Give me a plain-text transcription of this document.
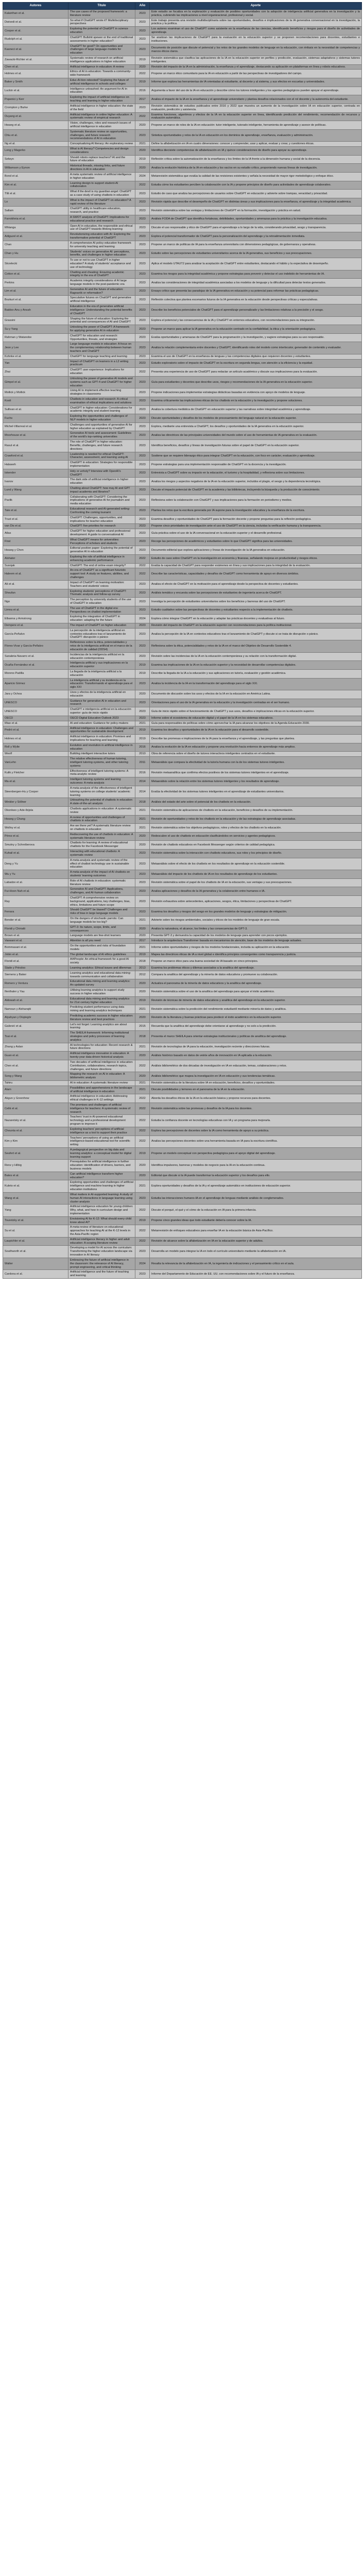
Autores	Título	Año	Aporte
Kalanthan et al.	The use cases of the proposed framework: a literature review	2023	Este estudio se focaliza en la exploración y evaluación de posibles oportunidades con la adopción de inteligencia artificial generativa en la investigación y la práctica, cubriendo las implicaciones a nivel organizacional, profesional y social.
Dwivedi et al.	So what if ChatGPT wrote it? Multidisciplinary perspectives	2023	Este trabajo presenta una revisión multidisciplinaria sobre las oportunidades, desafíos e implicaciones de la IA generativa conversacional en la investigación, la práctica y la política.
Cooper et al.	Exploring the potential of ChatGPT in science education	2023	Los autores examinan el uso de ChatGPT como asistente en la enseñanza de las ciencias, identificando beneficios y riesgos para el diseño de actividades de aprendizaje.
Rudolph et al.	ChatGPT: Bullshit spewer or the end of traditional assessments in higher education?	2023	Se analizan las implicaciones de ChatGPT para la evaluación en la educación superior y se proponen recomendaciones para docentes, estudiantes e instituciones.
Kasneci et al.	ChatGPT for good? On opportunities and challenges of large language models for education	2023	Documento de posición que discute el potencial y los retos de los grandes modelos de lenguaje en la educación, con énfasis en la necesidad de competencias y marcos éticos claros.
Zawacki-Richter et al.	Systematic review of research on artificial intelligence applications in higher education	2019	Revisión sistemática que clasifica las aplicaciones de la IA en la educación superior en perfiles y predicción, evaluación, sistemas adaptativos y sistemas tutores inteligentes.
Chen et al.	Artificial intelligence in education: A review	2020	Revisión del impacto de la IA en la administración, la enseñanza y el aprendizaje, destacando su aplicación en plataformas en línea y robots educativos.
Holmes et al.	Ethics of AI in education: Towards a community-wide framework	2022	Propone un marco ético comunitario para la IA en educación a partir de las perspectivas de investigadores del campo.
Baker y Smith	Educ-AI-tion rebooted? Exploring the future of artificial intelligence in schools and colleges	2019	Informe que explora las herramientas de IA orientadas al estudiante, al docente y al sistema, y sus efectos en escuelas y universidades.
Luckin et al.	Intelligence unleashed: An argument for AI in education	2016	Argumenta a favor del uso de la IA en educación y describe cómo los tutores inteligentes y los agentes pedagógicos pueden apoyar el aprendizaje.
Popenici y Kerr	Exploring the impact of artificial intelligence on teaching and learning in higher education	2017	Analiza el impacto de la IA en la enseñanza y el aprendizaje universitario y plantea desafíos relacionados con el rol docente y la autonomía del estudiante.
Crompton y Burke	Artificial intelligence in higher education: the state of the field	2023	Revisión sistemática de estudios publicados entre 2016 y 2022 que muestra un aumento de la investigación sobre IA en educación superior, centrada en evaluación, predicción y asistencia.
Ouyang et al.	Artificial intelligence in online higher education: A systematic review of empirical research	2022	Examina funciones, algoritmos y efectos de la IA en la educación superior en línea, identificando predicción del rendimiento, recomendación de recursos y evaluación automática.
Hwang et al.	Vision, challenges, roles and research issues of artificial intelligence in education	2020	Propone un marco de roles de la IA en educación: tutor inteligente, tutorado inteligente, herramienta de aprendizaje y asesor de políticas.
Chiu et al.	Systematic literature review on opportunities, challenges, and future research recommendations of AI in education	2023	Sintetiza oportunidades y retos de la IA en educación en los dominios de aprendizaje, enseñanza, evaluación y administración.
Ng et al.	Conceptualizing AI literacy: An exploratory review	2021	Define la alfabetización en IA en cuatro dimensiones: conocer y comprender, usar y aplicar, evaluar y crear, y cuestiones éticas.
Long y Magerko	What is AI literacy? Competencies and design considerations	2020	Identifica diecisiete competencias de alfabetización en IA y quince consideraciones de diseño para apoyar su aprendizaje.
Selwyn	Should robots replace teachers? AI and the future of education	2019	Reflexión crítica sobre la automatización de la enseñanza y los límites de la IA frente a la dimensión humana y social de la docencia.
Williamson y Eynon	Historical threads, missing links, and future directions in AI in education	2020	Analiza la evolución histórica de la IA en educación y los vacíos en su estudio crítico, proponiendo nuevas líneas de investigación.
Bond et al.	A meta systematic review of artificial intelligence in higher education	2024	Metarevisión sistemática que evalúa la calidad de las revisiones existentes y señala la necesidad de mayor rigor metodológico y enfoque ético.
Kim et al.	Learning design to support student-AI collaboration	2022	Estudia cómo los estudiantes perciben la colaboración con la IA y propone principios de diseño para actividades de aprendizaje colaborativo.
Tlili et al.	What if the devil is my guardian angel: ChatGPT as a case study of using chatbots in education	2023	Estudio de caso que analiza las percepciones de usuarios sobre ChatGPT en educación y advierte sobre trampas, veracidad y privacidad.
Lo	What is the impact of ChatGPT on education? A rapid review of the literature	2023	Revisión rápida que describe el desempeño de ChatGPT en distintas áreas y sus implicaciones para la enseñanza, el aprendizaje y la integridad académica.
Sallam	ChatGPT utility in healthcare education, research, and practice	2023	Revisión sistemática sobre las ventajas y limitaciones de ChatGPT en la formación, investigación y práctica en salud.
Farrokhnia et al.	A SWOT analysis of ChatGPT: Implications for educational practice and research	2023	Análisis FODA de ChatGPT que identifica fortalezas, debilidades, oportunidades y amenazas para la práctica y la investigación educativa.
Mhlanga	Open AI in education, the responsible and ethical use of ChatGPT towards lifelong learning	2023	Discute el uso responsable y ético de ChatGPT para el aprendizaje a lo largo de la vida, considerando privacidad, sesgo y transparencia.
Adiguzel et al.	Revolutionizing education with AI: Exploring the transformative potential of ChatGPT	2023	Explora el potencial transformador de ChatGPT para la personalización del aprendizaje y la retroalimentación inmediata.
Chan	A comprehensive AI policy education framework for university teaching and learning	2023	Propone un marco de políticas de IA para la enseñanza universitaria con dimensiones pedagógicas, de gobernanza y operativas.
Chan y Hu	Students' voices on generative AI: perceptions, benefits, and challenges in higher education	2023	Estudio sobre las percepciones de estudiantes universitarios acerca de la IA generativa, sus beneficios y sus preocupaciones.
Strzelecki	To use or not to use ChatGPT in higher education? A study of students' acceptance and use of technology	2023	Aplica el modelo UTAUT2 para analizar la aceptación de ChatGPT entre estudiantes, destacando el hábito y la expectativa de desempeño.
Cotton et al.	Chatting and cheating: Ensuring academic integrity in the era of ChatGPT	2023	Examina los riesgos para la integridad académica y propone estrategias para prevenir y detectar el uso indebido de herramientas de IA.
Perkins	Academic integrity considerations of AI large language models in the post-pandemic era	2023	Analiza las consideraciones de integridad académica asociadas a los modelos de lenguaje y la dificultad para detectar textos generados.
Lim et al.	Generative AI and the future of education: Ragnarök or reformation?	2023	Ensayo crítico que presenta las paradojas de la IA generativa en educación y su potencial para reformar las prácticas pedagógicas.
Bozkurt et al.	Speculative futures on ChatGPT and generative artificial intelligence	2023	Reflexión colectiva que plantea escenarios futuros de la IA generativa en la educación desde perspectivas críticas y especulativas.
Baidoo-Anu y Ansah	Education in the era of generative artificial intelligence: Understanding the potential benefits of ChatGPT	2023	Describe los beneficios potenciales de ChatGPT para el aprendizaje personalizado y las limitaciones relativas a la precisión y el sesgo.
Grassini	Shaping the future of education: Exploring the potential and consequences of AI and ChatGPT	2023	Explora el potencial y las consecuencias de la IA y ChatGPT en entornos educativos, con recomendaciones para su integración.
Su y Yang	Unlocking the power of ChatGPT: A framework for applying generative AI in education	2023	Propone un marco para aplicar la IA generativa en la educación centrado en la confiabilidad, la ética y la orientación pedagógica.
Rahman y Watanobe	ChatGPT for education and research: Opportunities, threats, and strategies	2023	Evalúa oportunidades y amenazas de ChatGPT para la programación y la investigación, y sugiere estrategias para su uso responsable.
Jeon y Lee	Large language models in education: A focus on the complementary relationship between human teachers and ChatGPT	2023	Analiza la relación complementaria entre docentes y ChatGPT, identificando roles del modelo como interlocutor, generador de contenido y evaluador.
Kohnke et al.	ChatGPT for language teaching and learning	2023	Examina el uso de ChatGPT en la enseñanza de lenguas y las competencias digitales que requieren docentes y estudiantes.
Yan	Impact of ChatGPT on learners in a L2 writing practicum	2023	Estudio exploratorio sobre el impacto de ChatGPT en la escritura en segunda lengua, con atención a la eficiencia y la equidad.
Zhai	ChatGPT user experience: Implications for education	2022	Presenta una experiencia de uso de ChatGPT para redactar un artículo académico y discute sus implicaciones para la evaluación.
Gimpel et al.	Unlocking the power of generative AI models and systems such as GPT-4 and ChatGPT for higher education	2023	Guía para estudiantes y docentes que describe usos, riesgos y recomendaciones de la IA generativa en la educación superior.
Mollick y Mollick	Using AI to implement effective teaching strategies in classrooms	2023	Propone indicaciones para implementar estrategias didácticas basadas en evidencia con apoyo de modelos de lenguaje.
Kooli	Chatbots in education and research: A critical examination of ethical implications and solutions	2023	Examina críticamente las implicaciones éticas de los chatbots en la educación y la investigación y propone soluciones.
Sullivan et al.	ChatGPT in higher education: Considerations for academic integrity and student learning	2023	Analiza la cobertura mediática de ChatGPT en educación superior y las narrativas sobre integridad académica y aprendizaje.
Fuchs	Exploring the opportunities and challenges of NLP models in higher education	2023	Discute oportunidades y desafíos de los modelos de procesamiento del lenguaje natural en la educación superior.
Michel-Villarreal et al.	Challenges and opportunities of generative AI for higher education as explained by ChatGPT	2023	Explora, mediante una entrevista a ChatGPT, los desafíos y oportunidades de la IA generativa en la educación superior.
Moorhouse et al.	Generative AI tools and assessment: Guidelines of the world's top-ranking universities	2023	Analiza las directrices de las principales universidades del mundo sobre el uso de herramientas de IA generativa en la evaluación.
Rasul et al.	The role of ChatGPT in higher education: Benefits, challenges, and future research directions	2023	Identifica beneficios, desafíos y líneas de investigación futuras sobre el papel de ChatGPT en la educación superior.
Crawford et al.	Leadership is needed for ethical ChatGPT: Character, assessment, and learning using AI	2023	Sostiene que se requiere liderazgo ético para integrar ChatGPT en la educación, con foco en carácter, evaluación y aprendizaje.
Halaweh	ChatGPT in education: Strategies for responsible implementation	2023	Propone estrategias para una implementación responsable de ChatGPT en la docencia y la investigación.
Iskender	Holy or unholy? Interview with OpenAI's ChatGPT	2023	Entrevista a ChatGPT sobre su impacto en la educación, el turismo y la hospitalidad, y reflexiona sobre sus limitaciones.
Ivanov	The dark side of artificial intelligence in higher education	2023	Analiza los riesgos y aspectos negativos de la IA en la educación superior, incluidos el plagio, el sesgo y la dependencia tecnológica.
Lund y Wang	Chatting about ChatGPT: how may AI and GPT impact academia and libraries?	2023	Discute el impacto potencial de ChatGPT en la academia y las bibliotecas, incluyendo la búsqueda y la producción de conocimiento.
Pavlik	Collaborating with ChatGPT: Considering the implications of generative AI for journalism and media education	2023	Reflexiona sobre la colaboración con ChatGPT y sus implicaciones para la formación en periodismo y medios.
Tate et al.	Educational research and AI-generated writing: Confronting the coming tsunami	2023	Plantea los retos que la escritura generada por IA supone para la investigación educativa y la enseñanza de la escritura.
Trust et al.	ChatGPT: Challenges, opportunities, and implications for teacher education	2023	Examina desafíos y oportunidades de ChatGPT para la formación docente y propone preguntas para la reflexión pedagógica.
van Dis et al.	ChatGPT: five priorities for research	2023	Propone cinco prioridades de investigación ante el uso de ChatGPT en la ciencia, incluidas la verificación humana y la transparencia.
Atlas	ChatGPT for higher education and professional development: A guide to conversational AI	2023	Guía práctica sobre el uso de la IA conversacional en la educación superior y el desarrollo profesional.
Firat	What ChatGPT means for universities: Perceptions of scholars and students	2023	Recoge las percepciones de académicos y estudiantes sobre lo que ChatGPT significa para las universidades.
Hwang y Chen	Editorial position paper: Exploring the potential of generative AI in education	2023	Documento editorial que explora aplicaciones y líneas de investigación de la IA generativa en educación.
Alshater	Exploring the role of artificial intelligence in enhancing academic performance	2022	Estudio de caso sobre ChatGPT en la investigación en economía y finanzas, señalando mejoras en productividad y riesgos éticos.
Susnjak	ChatGPT: The end of online exam integrity?	2022	Evalúa la capacidad de ChatGPT para responder exámenes en línea y sus implicaciones para la integridad de la evaluación.
Haleem et al.	An era of ChatGPT as a significant futuristic support tool: A study on features, abilities, and challenges	2022	Describe las características, capacidades y desafíos de ChatGPT como herramienta de apoyo en diversos ámbitos.
Ali et al.	Impact of ChatGPT on learning motivation: Teachers and students' voices	2023	Analiza el efecto de ChatGPT en la motivación para el aprendizaje desde la perspectiva de docentes y estudiantes.
Shoufan	Exploring students' perceptions of ChatGPT: Thematic analysis and follow-up survey	2023	Análisis temático y encuesta sobre las percepciones de estudiantes de ingeniería acerca de ChatGPT.
Ngo	The perception by university students of the use of ChatGPT in education	2023	Investiga la percepción de estudiantes universitarios sobre los beneficios y barreras del uso de ChatGPT.
Limna et al.	The use of ChatGPT in the digital era: Perspectives on chatbot implementation	2023	Estudio cualitativo sobre las perspectivas de docentes y estudiantes respecto a la implementación de chatbots.
Elbanna y Armstrong	Exploring the integration of ChatGPT in education: adapting for the future	2024	Explora cómo integrar ChatGPT en la educación y adaptar las prácticas docentes y evaluativas al futuro.
Dempere et al.	The impact of ChatGPT on higher education	2023	Revisión del impacto de ChatGPT en la educación superior con recomendaciones para la política institucional.
García-Peñalvo	La percepción de la inteligencia artificial en contextos educativos tras el lanzamiento de ChatGPT: disrupción o pánico	2023	Analiza la percepción de la IA en contextos educativos tras el lanzamiento de ChatGPT y discute si se trata de disrupción o pánico.
Flores-Vivar y García-Peñalvo	Reflexiones sobre la ética, potencialidades y retos de la inteligencia artificial en el marco de la educación de calidad (ODS4)	2023	Reflexiona sobre la ética, potencialidades y retos de la IA en el marco del Objetivo de Desarrollo Sostenible 4.
Sanabria-Navarro et al.	Incidencias de la inteligencia artificial en la educación contemporánea	2023	Revisión sobre las incidencias de la IA en la educación contemporánea y su relación con la transformación digital.
Ocaña-Fernández et al.	Inteligencia artificial y sus implicaciones en la educación superior	2019	Examina las implicaciones de la IA en la educación superior y la necesidad de desarrollar competencias digitales.
Moreno Padilla	La llegada de la inteligencia artificial a la educación	2019	Describe la llegada de la IA a la educación y sus aplicaciones en tutoría, evaluación y gestión académica.
Aparicio Gómez	La inteligencia artificial y su incidencia en la educación: Transformando el aprendizaje para el siglo XXI	2023	Analiza la incidencia de la IA en la transformación del aprendizaje para el siglo XXI.
Jara y Ochoa	Usos y efectos de la inteligencia artificial en educación	2020	Documento de discusión sobre los usos y efectos de la IA en la educación en América Latina.
UNESCO	Guidance for generative AI in education and research	2023	Orientaciones para el uso de la IA generativa en la educación y la investigación centradas en el ser humano.
UNESCO	ChatGPT e inteligencia artificial en la educación superior: guía de inicio rápido	2023	Guía de inicio rápido sobre el funcionamiento de ChatGPT y sus usos, desafíos e implicaciones éticas en la educación superior.
OECD	OECD Digital Education Outlook 2023	2023	Informe sobre el ecosistema de educación digital y el papel de la IA en los sistemas educativos.
Miao et al.	AI and education: Guidance for policy-makers	2021	Guía para responsables de políticas sobre cómo aprovechar la IA para alcanzar los objetivos de la Agenda Educación 2030.
Pedró et al.	Artificial intelligence in education: Challenges and opportunities for sustainable development	2019	Examina los desafíos y oportunidades de la IA en la educación para el desarrollo sostenible.
Holmes et al.	Artificial intelligence in education: Promises and implications for teaching and learning	2019	Describe las promesas e implicaciones de la IA para la enseñanza y el aprendizaje, y las preguntas que plantea.
Roll y Wylie	Evolution and revolution in artificial intelligence in education	2016	Analiza la evolución de la IA en educación y propone una revolución hacia entornos de aprendizaje más amplios.
Woolf	Building intelligent interactive tutors	2010	Obra de referencia sobre el diseño de tutores interactivos inteligentes centrados en el estudiante.
VanLehn	The relative effectiveness of human tutoring, intelligent tutoring systems, and other tutoring systems	2011	Metaanálisis que compara la efectividad de la tutoría humana con la de los sistemas tutores inteligentes.
Kulik y Fletcher	Effectiveness of intelligent tutoring systems: A meta-analytic review	2016	Revisión metaanalítica que confirma efectos positivos de los sistemas tutores inteligentes en el aprendizaje.
Ma et al.	Intelligent tutoring systems and learning outcomes: A meta-analysis	2014	Metaanálisis sobre la relación entre los sistemas tutores inteligentes y los resultados de aprendizaje.
Steenbergen-Hu y Cooper	A meta-analysis of the effectiveness of intelligent tutoring systems on college students' academic learning	2014	Evalúa la efectividad de los sistemas tutores inteligentes en el aprendizaje de estudiantes universitarios.
Winkler y Söllner	Unleashing the potential of chatbots in education: A state-of-the-art analysis	2018	Análisis del estado del arte sobre el potencial de los chatbots en la educación.
Okonkwo y Ade-Ibijola	Chatbots applications in education: A systematic review	2021	Revisión sistemática de aplicaciones de chatbots en la educación, beneficios y desafíos de su implementación.
Hwang y Chang	A review of opportunities and challenges of chatbots in education	2021	Revisión de oportunidades y retos de los chatbots en la educación y de las estrategias de aprendizaje asociadas.
Wollny et al.	Are we there yet? A systematic literature review on chatbots in education	2021	Revisión sistemática sobre los objetivos pedagógicos, roles y efectos de los chatbots en la educación.
Pérez et al.	Rediscovering the use of chatbots in education: A systematic literature review	2020	Redescubre el uso de chatbots en educación clasificándolos en servicios y agentes pedagógicos.
Smutny y Schreiberova	Chatbots for learning: A review of educational chatbots for the Facebook Messenger	2020	Revisión de chatbots educativos en Facebook Messenger según criterios de calidad pedagógica.
Kuhail et al.	Interacting with educational chatbots: A systematic review	2023	Revisión sistemática sobre la interacción con chatbots educativos, sus roles y los principios de diseño.
Deng y Yu	A meta-analysis and systematic review of the effect of chatbot technology use in sustainable education	2023	Metaanálisis sobre el efecto de los chatbots en los resultados de aprendizaje en la educación sostenible.
Wu y Yu	A meta-analysis of the impact of AI chatbots on students' learning outcomes	2023	Metaanálisis del impacto de los chatbots de IA en los resultados de aprendizaje de los estudiantes.
Labadze et al.	Role of AI chatbots in education: systematic literature review	2023	Revisión sistemática sobre el papel de los chatbots de IA en la educación, sus ventajas y sus preocupaciones.
Fui-Hoon Nah et al.	Generative AI and ChatGPT: Applications, challenges, and AI-human collaboration	2023	Analiza aplicaciones y desafíos de la IA generativa y la colaboración entre humanos e IA.
Ray	ChatGPT: A comprehensive review on background, applications, key challenges, bias, ethics, limitations and future scope	2023	Revisión exhaustiva sobre antecedentes, aplicaciones, sesgos, ética, limitaciones y perspectivas de ChatGPT.
Ferrara	Should ChatGPT be biased? Challenges and risks of bias in large language models	2023	Examina los desafíos y riesgos del sesgo en los grandes modelos de lenguaje y estrategias de mitigación.
Bender et al.	On the dangers of stochastic parrots: Can language models be too big?	2021	Advierte sobre los riesgos ambientales, sociales y éticos de los modelos de lenguaje de gran escala.
Floridi y Chiriatti	GPT-3: Its nature, scope, limits, and consequences	2020	Analiza la naturaleza, el alcance, los límites y las consecuencias de GPT-3.
Brown et al.	Language models are few-shot learners	2020	Presenta GPT-3 y demuestra la capacidad de los modelos de lenguaje para aprender con pocos ejemplos.
Vaswani et al.	Attention is all you need	2017	Introduce la arquitectura Transformer basada en mecanismos de atención, base de los modelos de lenguaje actuales.
Bommasani et al.	On the opportunities and risks of foundation models	2021	Informe sobre oportunidades y riesgos de los modelos fundacionales, incluida su aplicación en la educación.
Jobin et al.	The global landscape of AI ethics guidelines	2019	Mapea las directrices éticas de IA a nivel global e identifica principios convergentes como transparencia y justicia.
Floridi et al.	AI4People: An ethical framework for a good AI society	2018	Propone un marco ético para una buena sociedad de IA basado en cinco principios.
Slade y Prinsloo	Learning analytics: Ethical issues and dilemmas	2013	Examina los problemas éticos y dilemas asociados a la analítica del aprendizaje.
Siemens y Baker	Learning analytics and educational data mining: towards communication and collaboration	2012	Compara la analítica del aprendizaje y la minería de datos educativos y promueve su colaboración.
Romero y Ventura	Educational data mining and learning analytics: An updated survey	2020	Actualiza el panorama de la minería de datos educativos y la analítica del aprendizaje.
Ifenthaler y Yau	Utilising learning analytics to support study success in higher education	2020	Revisión sistemática sobre el uso de la analítica del aprendizaje para apoyar el éxito académico.
Aldowah et al.	Educational data mining and learning analytics for 21st century higher education	2019	Revisión de técnicas de minería de datos educativos y analítica del aprendizaje en la educación superior.
Namoun y Alshanqiti	Predicting student performance using data mining and learning analytics techniques	2021	Revisión sistemática sobre la predicción del rendimiento estudiantil mediante minería de datos y analítica.
Alyahyan y Düştegör	Predicting academic success in higher education: literature review and best practices	2020	Revisión de la literatura y buenas prácticas para predecir el éxito académico en la educación superior.
Gašević et al.	Let's not forget: Learning analytics are about learning	2015	Recuerda que la analítica del aprendizaje debe orientarse al aprendizaje y no solo a la predicción.
Tsai et al.	The SHEILA framework: Informing institutional strategies and policy processes of learning analytics	2018	Presenta el marco SHEILA para orientar estrategias institucionales y políticas de analítica del aprendizaje.
Zhang y Aslan	AI technologies for education: Recent research & future directions	2021	Revisión de tecnologías de IA para la educación, investigación reciente y direcciones futuras.
Guan et al.	Artificial intelligence innovation in education: A twenty-year data-driven historical analysis	2020	Análisis histórico basado en datos de veinte años de innovación en IA aplicada a la educación.
Chen et al.	Two decades of artificial intelligence in education: Contributors, collaborations, research topics, challenges, and future directions	2022	Análisis bibliométrico de dos décadas de investigación en IA en educación, temas, colaboraciones y retos.
Song y Wang	Mapping the research on AI in education: A bibliometric analysis	2020	Análisis bibliométrico que mapea la investigación en IA en educación y sus tendencias temáticas.
Tahiru	AI in education: A systematic literature review	2021	Revisión sistemática de la literatura sobre IA en educación, beneficios, desafíos y oportunidades.
Alam	Possibilities and apprehensions in the landscape of artificial intelligence in education	2021	Discute posibilidades y temores en el panorama de la IA en la educación.
Akgun y Greenhow	Artificial intelligence in education: Addressing ethical challenges in K-12 settings	2022	Aborda los desafíos éticos de la IA en la educación básica y propone recursos para docentes.
Celik et al.	The promises and challenges of artificial intelligence for teachers: A systematic review of research	2022	Revisión sistemática sobre las promesas y desafíos de la IA para los docentes.
Nazaretsky et al.	Teachers' trust in AI-powered educational technology and a professional development program to improve it	2022	Estudia la confianza docente en tecnologías educativas con IA y un programa para mejorarla.
Chounta et al.	Exploring teachers' perceptions of artificial intelligence as a tool to support their practice	2022	Explora las percepciones de docentes sobre la IA como herramienta de apoyo a su práctica.
Kim y Kim	Teachers' perceptions of using an artificial intelligence-based educational tool for scientific writing	2022	Analiza las percepciones docentes sobre una herramienta basada en IA para la escritura científica.
Seufert et al.	A pedagogical perspective on big data and learning analytics: a conceptual model for digital learning support	2019	Propone un modelo conceptual con perspectiva pedagógica para el apoyo digital del aprendizaje.
Renz y Hilbig	Prerequisites for artificial intelligence in further education: identification of drivers, barriers, and business models	2020	Identifica impulsores, barreras y modelos de negocio para la IA en la educación continua.
Bates et al.	Can artificial intelligence transform higher education?	2020	Editorial que discute si la IA puede transformar la educación superior y los desafíos para ello.
Kuleto et al.	Exploring opportunities and challenges of artificial intelligence and machine learning in higher education institutions	2021	Explora oportunidades y desafíos de la IA y el aprendizaje automático en instituciones de educación superior.
Wang et al.	What matters in AI-supported learning: A study of human-AI interactions in language learning using cluster analysis	2023	Estudia las interacciones humano-IA en el aprendizaje de lenguas mediante análisis de conglomerados.
Yang	Artificial intelligence education for young children: Why, what, and how in curriculum design and implementation	2022	Discute el porqué, el qué y el cómo de la educación en IA para la primera infancia.
Touretzky et al.	Envisioning AI for K-12: What should every child know about AI?	2019	Propone cinco grandes ideas que todo estudiante debería conocer sobre la IA.
Su et al.	A meta-review of literature on educational approaches for teaching AI at the K-12 levels in the Asia-Pacific region	2022	Metarrevisión de enfoques educativos para enseñar IA en la educación básica de Asia-Pacífico.
Laupichler et al.	Artificial intelligence literacy in higher and adult education: A scoping literature review	2022	Revisión de alcance sobre la alfabetización en IA en la educación superior y de adultos.
Southworth et al.	Developing a model for AI across the curriculum: Transforming the higher education landscape via innovation in AI literacy	2023	Desarrolla un modelo para integrar la IA en todo el currículo universitario mediante la alfabetización en IA.
Walter	Embracing the future of artificial intelligence in the classroom: the relevance of AI literacy, prompt engineering, and critical thinking	2024	Resalta la relevancia de la alfabetización en IA, la ingeniería de indicaciones y el pensamiento crítico en el aula.
Cardona et al.	Artificial intelligence and the future of teaching and learning	2023	Informe del Departamento de Educación de EE. UU. con recomendaciones sobre IA y el futuro de la enseñanza.
